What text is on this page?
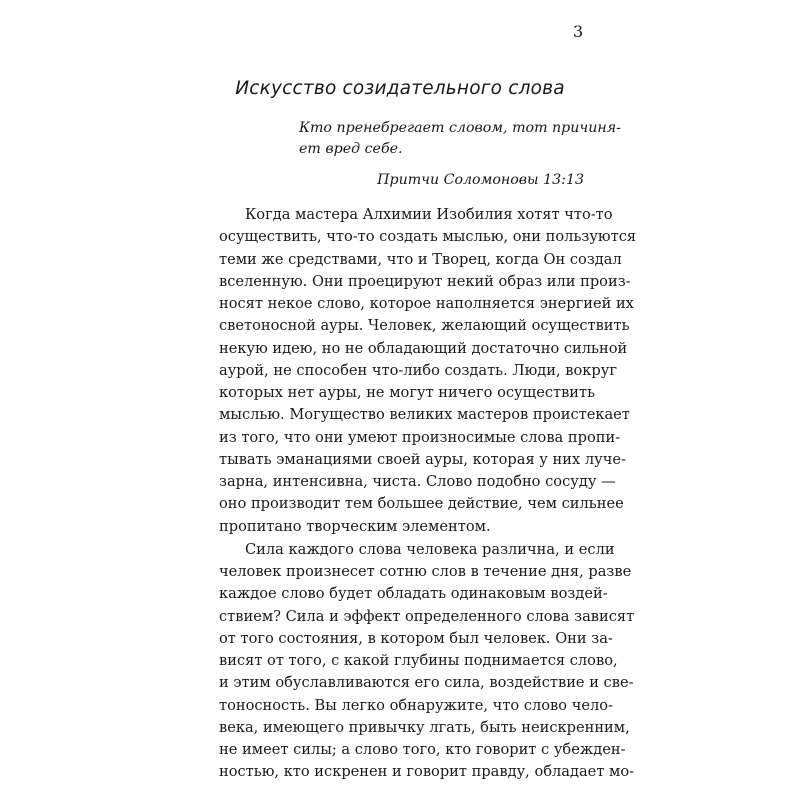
3
Искусство созидательного слова
Кто пренебрегает словом, тот причиня-
ет вред себе.
Притчи Соломоновы 13:13
Когда мастера Алхимии Изобилия хотят что-то
осуществить, что-то создать мыслью, они пользуются
теми же средствами, что и Творец, когда Он создал
вселенную. Они проецируют некий образ или произ-
носят некое слово, которое наполняется энергией их
светоносной ауры. Человек, желающий осуществить
некую идею, но не обладающий достаточно сильной
аурой, не способен что-либо создать. Люди, вокруг
которых нет ауры, не могут ничего осуществить
мыслью. Могущество великих мастеров проистекает
из того, что они умеют произносимые слова пропи-
тывать эманациями своей ауры, которая у них луче-
зарна, интенсивна, чиста. Слово подобно сосуду —
оно производит тем большее действие, чем сильнее
пропитано творческим элементом.
Сила каждого слова человека различна, и если
человек произнесет сотню слов в течение дня, разве
каждое слово будет обладать одинаковым воздей-
ствием? Сила и эффект определенного слова зависят
от того состояния, в котором был человек. Они за-
висят от того, с какой глубины поднимается слово,
и этим обуславливаются его сила, воздействие и све-
тоносность. Вы легко обнаружите, что слово чело-
века, имеющего привычку лгать, быть неискренним,
не имеет силы; а слово того, кто говорит с убежден-
ностью, кто искренен и говорит правду, обладает мо-
